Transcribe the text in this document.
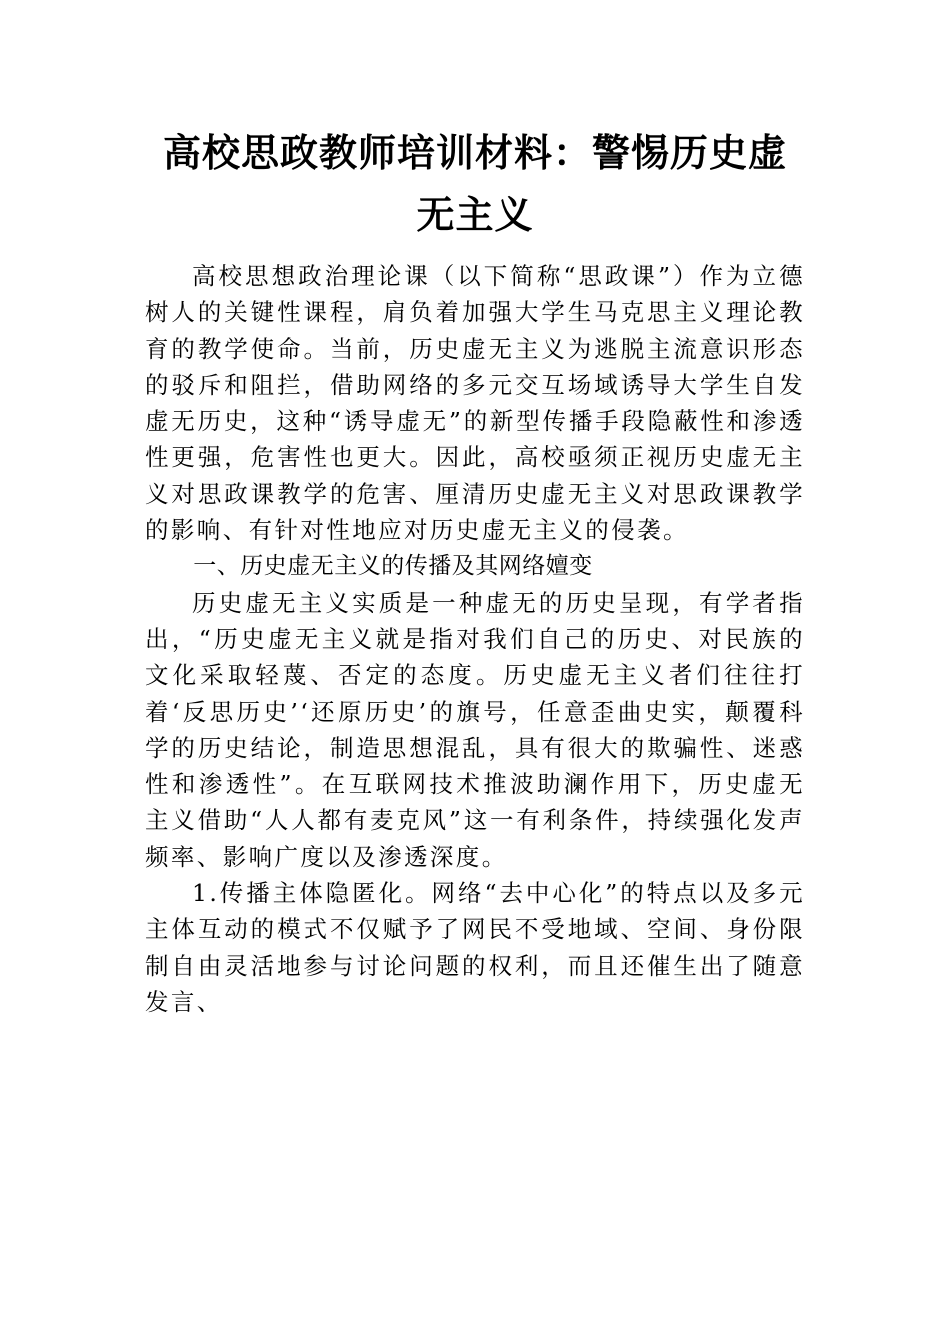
高校思政教师培训材料：警惕历史虚无主义

高校思想政治理论课（以下简称“思政课”）作为立德树人的关键性课程，肩负着加强大学生马克思主义理论教育的教学使命。当前，历史虚无主义为逃脱主流意识形态的驳斥和阻拦，借助网络的多元交互场域诱导大学生自发虚无历史，这种“诱导虚无”的新型传播手段隐蔽性和渗透性更强，危害性也更大。因此，高校亟须正视历史虚无主义对思政课教学的危害、厘清历史虚无主义对思政课教学的影响、有针对性地应对历史虚无主义的侵袭。

一、历史虚无主义的传播及其网络嬗变

历史虚无主义实质是一种虚无的历史呈现，有学者指出，“历史虚无主义就是指对我们自己的历史、对民族的文化采取轻蔑、否定的态度。历史虚无主义者们往往打着‘反思历史’‘还原历史’的旗号，任意歪曲史实，颠覆科学的历史结论，制造思想混乱，具有很大的欺骗性、迷惑性和渗透性”。在互联网技术推波助澜作用下，历史虚无主义借助“人人都有麦克风”这一有利条件，持续强化发声频率、影响广度以及渗透深度。

1.传播主体隐匿化。网络“去中心化”的特点以及多元主体互动的模式不仅赋予了网民不受地域、空间、身份限制自由灵活地参与讨论问题的权利，而且还催生出了随意发言、
